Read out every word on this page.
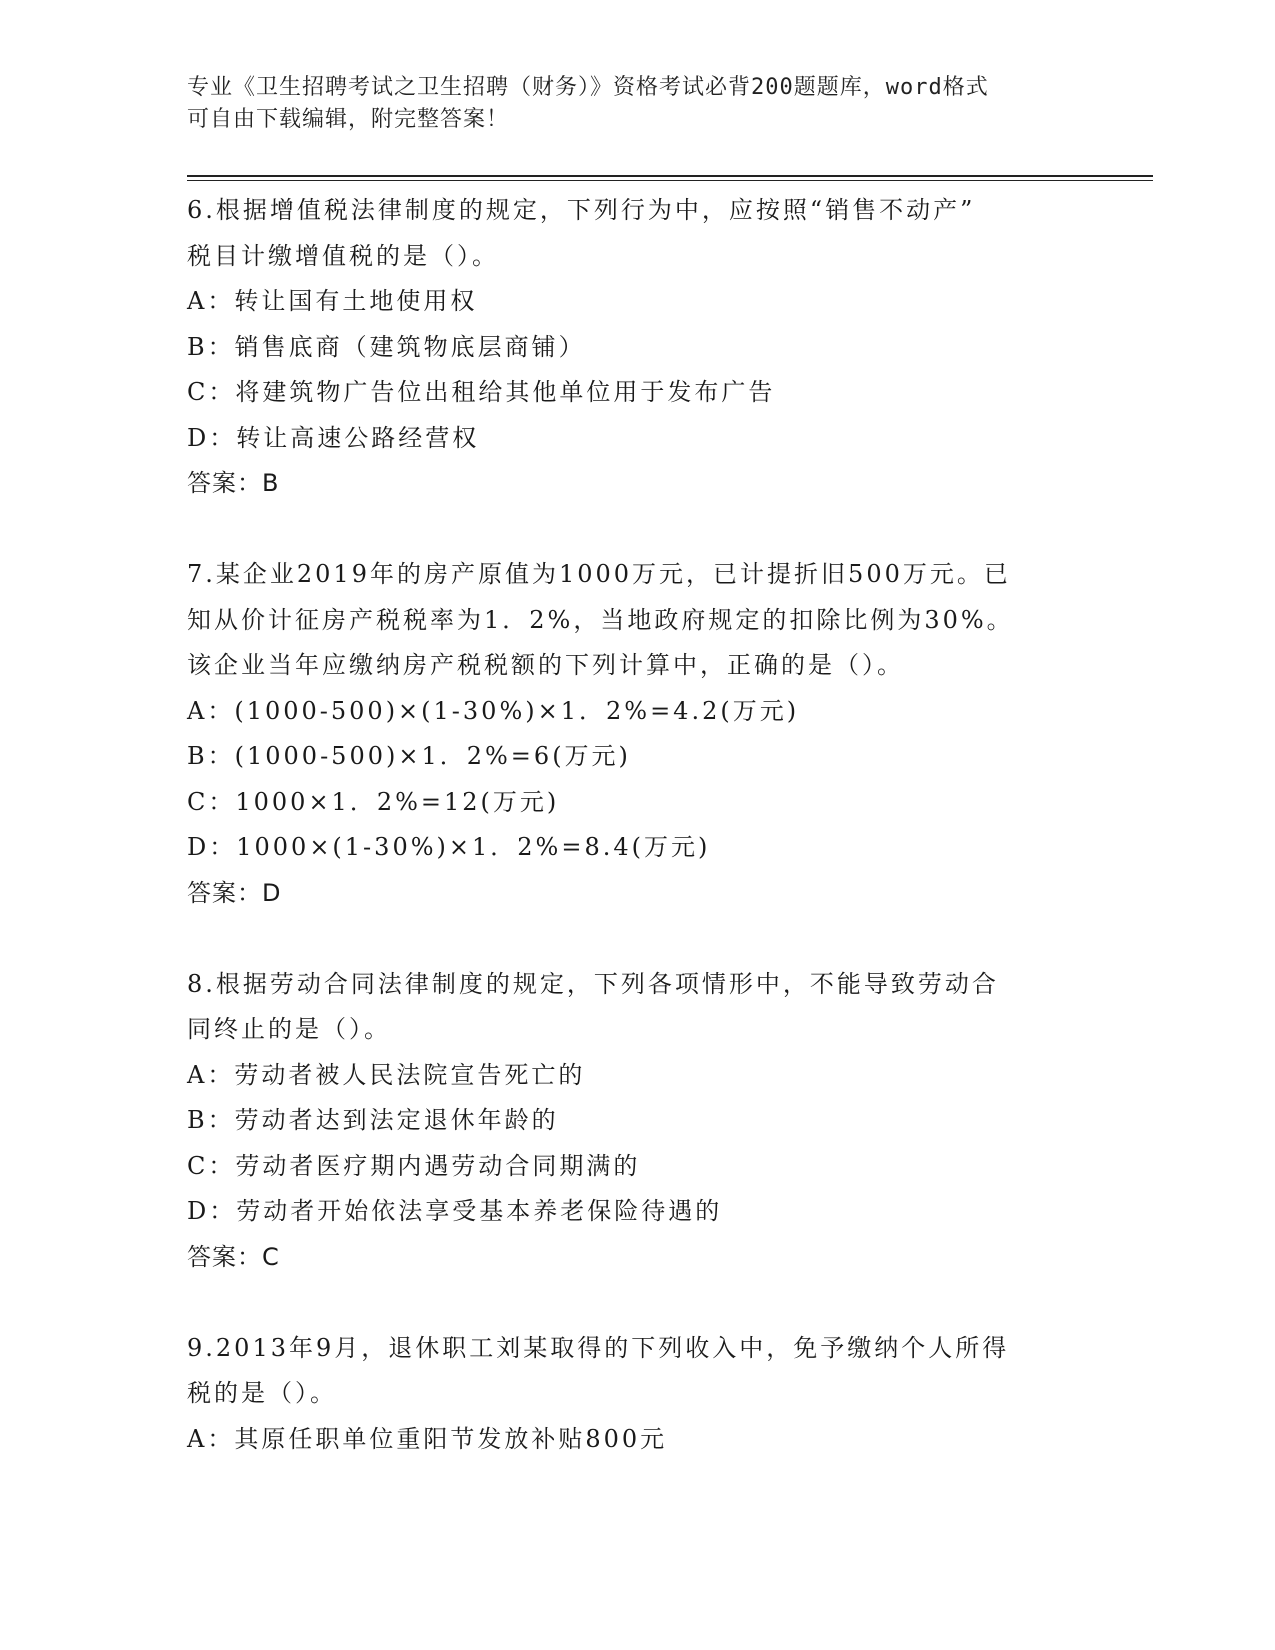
专业《卫生招聘考试之卫生招聘（财务）》资格考试必背200题题库，word格式
可自由下载编辑，附完整答案！
6.根据增值税法律制度的规定，下列行为中，应按照“销售不动产”
税目计缴增值税的是（）。
A：转让国有土地使用权
B：销售底商（建筑物底层商铺）
C：将建筑物广告位出租给其他单位用于发布广告
D：转让高速公路经营权
答案：B
7.某企业2019年的房产原值为1000万元，已计提折旧500万元。已
知从价计征房产税税率为1．2%，当地政府规定的扣除比例为30%。
该企业当年应缴纳房产税税额的下列计算中，正确的是（）。
A：(1000-500)×(1-30%)×1．2%=4.2(万元)
B：(1000-500)×1．2%=6(万元)
C：1000×1．2%=12(万元)
D：1000×(1-30%)×1．2%=8.4(万元)
答案：D
8.根据劳动合同法律制度的规定，下列各项情形中，不能导致劳动合
同终止的是（）。
A：劳动者被人民法院宣告死亡的
B：劳动者达到法定退休年龄的
C：劳动者医疗期内遇劳动合同期满的
D：劳动者开始依法享受基本养老保险待遇的
答案：C
9.2013年9月，退休职工刘某取得的下列收入中，免予缴纳个人所得
税的是（）。
A：其原任职单位重阳节发放补贴800元
